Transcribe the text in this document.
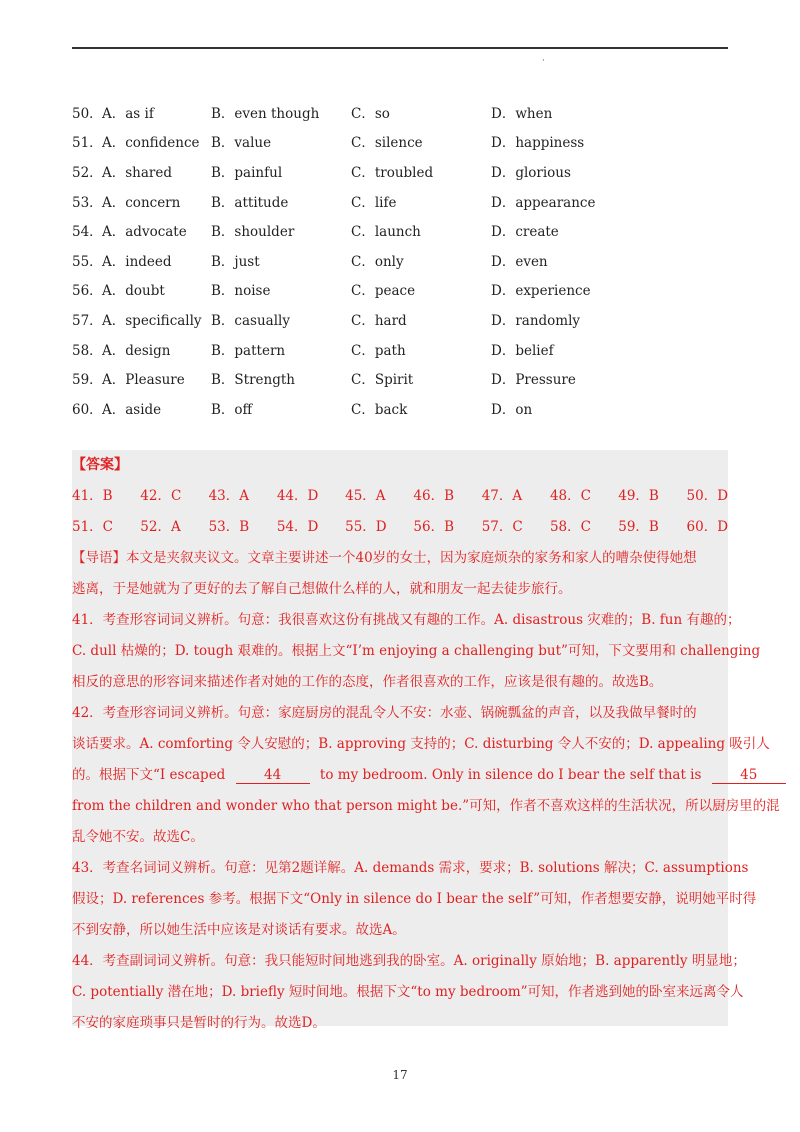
·
50． A．as if	B．even though	C．so	D．when
51． A．confidence B．value	C．silence	D．happiness
52． A．shared	B．painful	C．troubled	D．glorious
53． A．concern	B．attitude	C．life	D．appearance
54． A．advocate	B．shoulder	C．launch	D．create
55． A．indeed	B．just	C．only	D．even
56． A．doubt	B．noise	C．peace	D．experience
57． A．specifically B．casually	C．hard	D．randomly
58． A．design	B．pattern	C．path	D．belief
59． A．Pleasure	B．Strength	C．Spirit	D．Pressure
60． A．aside	B．off	C．back	D．on
【答案】
41．B	42．C	43．A	44．D	45．A	46．B	47．A	48．C	49．B	50．D
51．C	52．A	53．B	54．D	55．D	56．B	57．C	58．C	59．B	60．D
【导语】本文是夹叙夹议文。文章主要讲述一个40岁的女士，因为家庭烦杂的家务和家人的嘈杂使得她想
逃离，于是她就为了更好的去了解自己想做什么样的人，就和朋友一起去徒步旅行。
41．考查形容词词义辨析。句意：我很喜欢这份有挑战又有趣的工作。A. disastrous 灾难的；B. fun 有趣的；
C. dull 枯燥的；D. tough 艰难的。根据上文“I’m enjoying a challenging but”可知，下文要用和 challenging
相反的意思的形容词来描述作者对她的工作的态度，作者很喜欢的工作，应该是很有趣的。故选B。
42．考查形容词词义辨析。句意：家庭厨房的混乱令人不安：水壶、锅碗瓢盆的声音，以及我做早餐时的
谈话要求。A. comforting 令人安慰的；B. approving 支持的；C. disturbing 令人不安的；D. appealing 吸引人
的。根据下文“I escaped	44	to my bedroom. Only in silence do I bear the self that is	45
from the children and wonder who that person might be.”可知，作者不喜欢这样的生活状况，所以厨房里的混
乱令她不安。故选C。
43．考查名词词义辨析。句意：见第2题详解。A. demands 需求，要求；B. solutions 解决；C. assumptions
假设；D. references 参考。根据下文“Only in silence do I bear the self”可知，作者想要安静，说明她平时得
不到安静，所以她生活中应该是对谈话有要求。故选A。
44．考查副词词义辨析。句意：我只能短时间地逃到我的卧室。A. originally 原始地；B. apparently 明显地；
C. potentially 潜在地；D. briefly 短时间地。根据下文“to my bedroom”可知，作者逃到她的卧室来远离令人
不安的家庭琐事只是暂时的行为。故选D。
17
